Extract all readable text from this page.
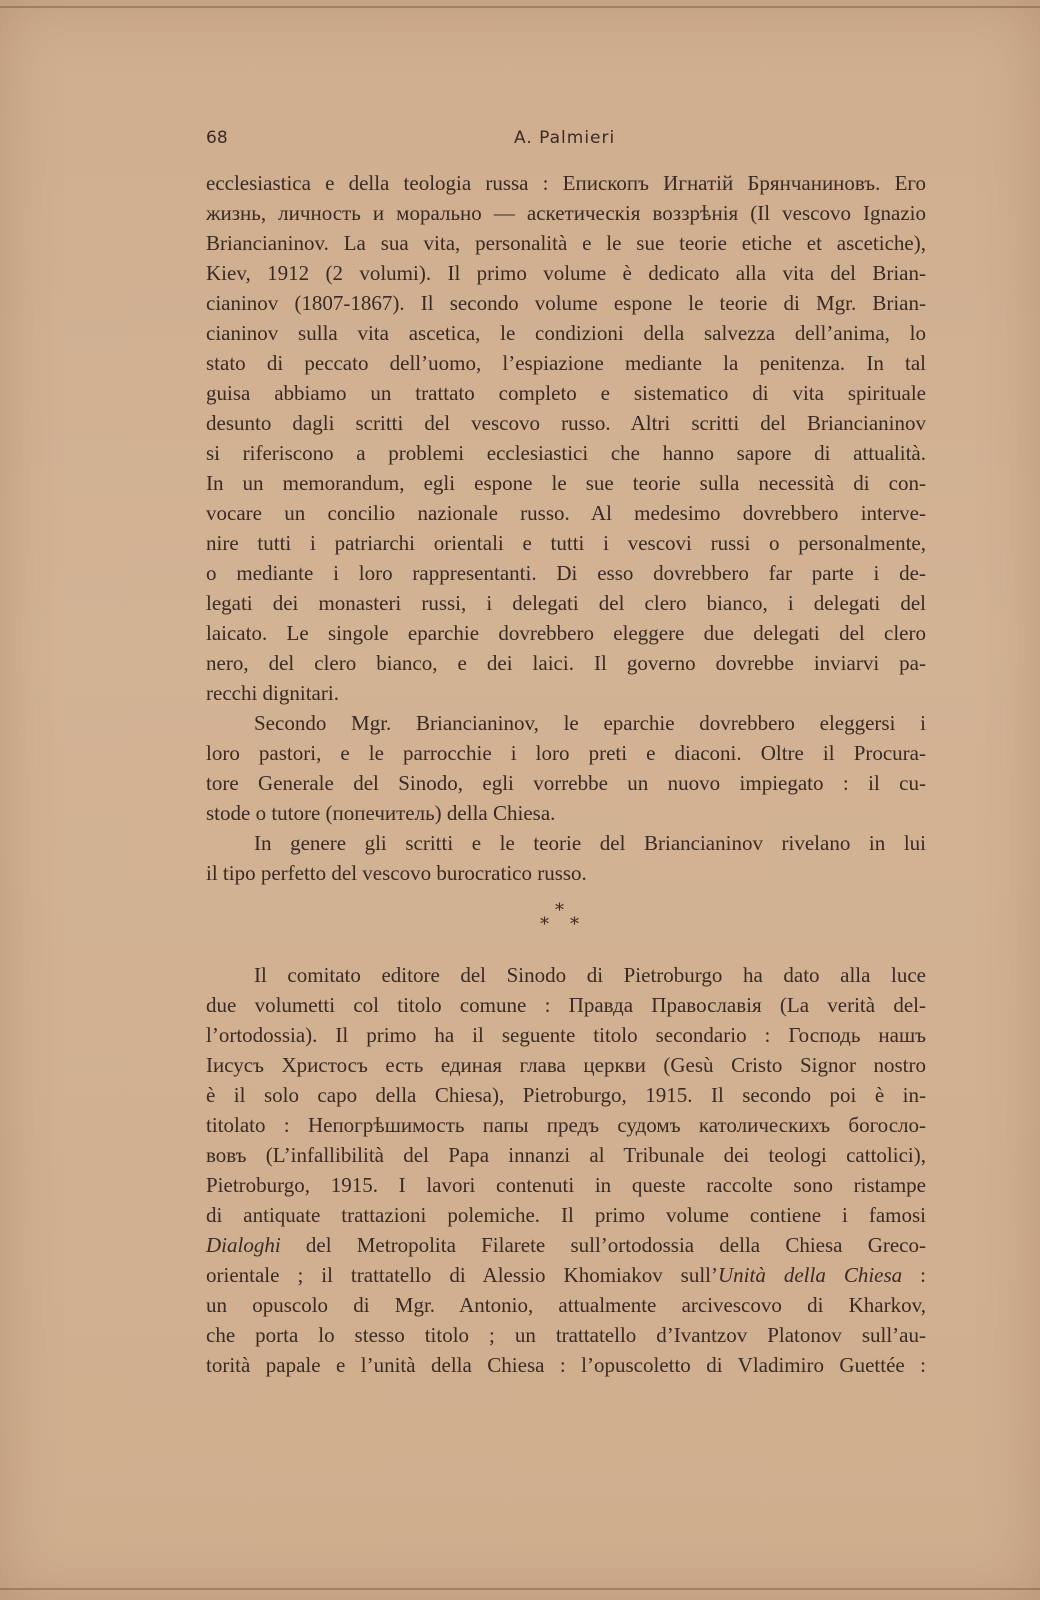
68	A. Palmieri
ecclesiastica e della teologia russa : Епископъ Игнатій Брянчаниновъ. Его
жизнь, личность и морально — аскетическія воззрѣнія (Il vescovo Ignazio
Briancianinov. La sua vita, personalità e le sue teorie etiche et ascetiche),
Kiev, 1912 (2 volumi). Il primo volume è dedicato alla vita del Brian-
cianinov (1807-1867). Il secondo volume espone le teorie di Mgr. Brian-
cianinov sulla vita ascetica, le condizioni della salvezza dell’anima, lo
stato di peccato dell’uomo, l’espiazione mediante la penitenza. In tal
guisa abbiamo un trattato completo e sistematico di vita spirituale
desunto dagli scritti del vescovo russo. Altri scritti del Briancianinov
si riferiscono a problemi ecclesiastici che hanno sapore di attualità.
In un memorandum, egli espone le sue teorie sulla necessità di con-
vocare un concilio nazionale russo. Al medesimo dovrebbero interve-
nire tutti i patriarchi orientali e tutti i vescovi russi o personalmente,
o mediante i loro rappresentanti. Di esso dovrebbero far parte i de-
legati dei monasteri russi, i delegati del clero bianco, i delegati del
laicato. Le singole eparchie dovrebbero eleggere due delegati del clero
nero, del clero bianco, e dei laici. Il governo dovrebbe inviarvi pa-
recchi dignitari.
Secondo Mgr. Briancianinov, le eparchie dovrebbero eleggersi i
loro pastori, e le parrocchie i loro preti e diaconi. Oltre il Procura-
tore Generale del Sinodo, egli vorrebbe un nuovo impiegato : il cu-
stode o tutore (попечитель) della Chiesa.
In genere gli scritti e le teorie del Briancianinov rivelano in lui
il tipo perfetto del vescovo burocratico russo.
*
* *
Il comitato editore del Sinodo di Pietroburgo ha dato alla luce
due volumetti col titolo comune : Правда Православія (La verità del-
l’ortodossia). Il primo ha il seguente titolo secondario : Господь нашъ
Іисусъ Христосъ есть единая глава церкви (Gesù Cristo Signor nostro
è il solo capo della Chiesa), Pietroburgo, 1915. Il secondo poi è in-
titolato : Непогрѣшимость папы предъ судомъ католическихъ богосло-
вовъ (L’infallibilità del Papa innanzi al Tribunale dei teologi cattolici),
Pietroburgo, 1915. I lavori contenuti in queste raccolte sono ristampe
di antiquate trattazioni polemiche. Il primo volume contiene i famosi
Dialoghi del Metropolita Filarete sull’ortodossia della Chiesa Greco-
orientale ; il trattatello di Alessio Khomiakov sull’Unità della Chiesa :
un opuscolo di Mgr. Antonio, attualmente arcivescovo di Kharkov,
che porta lo stesso titolo ; un trattatello d’Ivantzov Platonov sull’au-
torità papale e l’unità della Chiesa : l’opuscoletto di Vladimiro Guettée :
